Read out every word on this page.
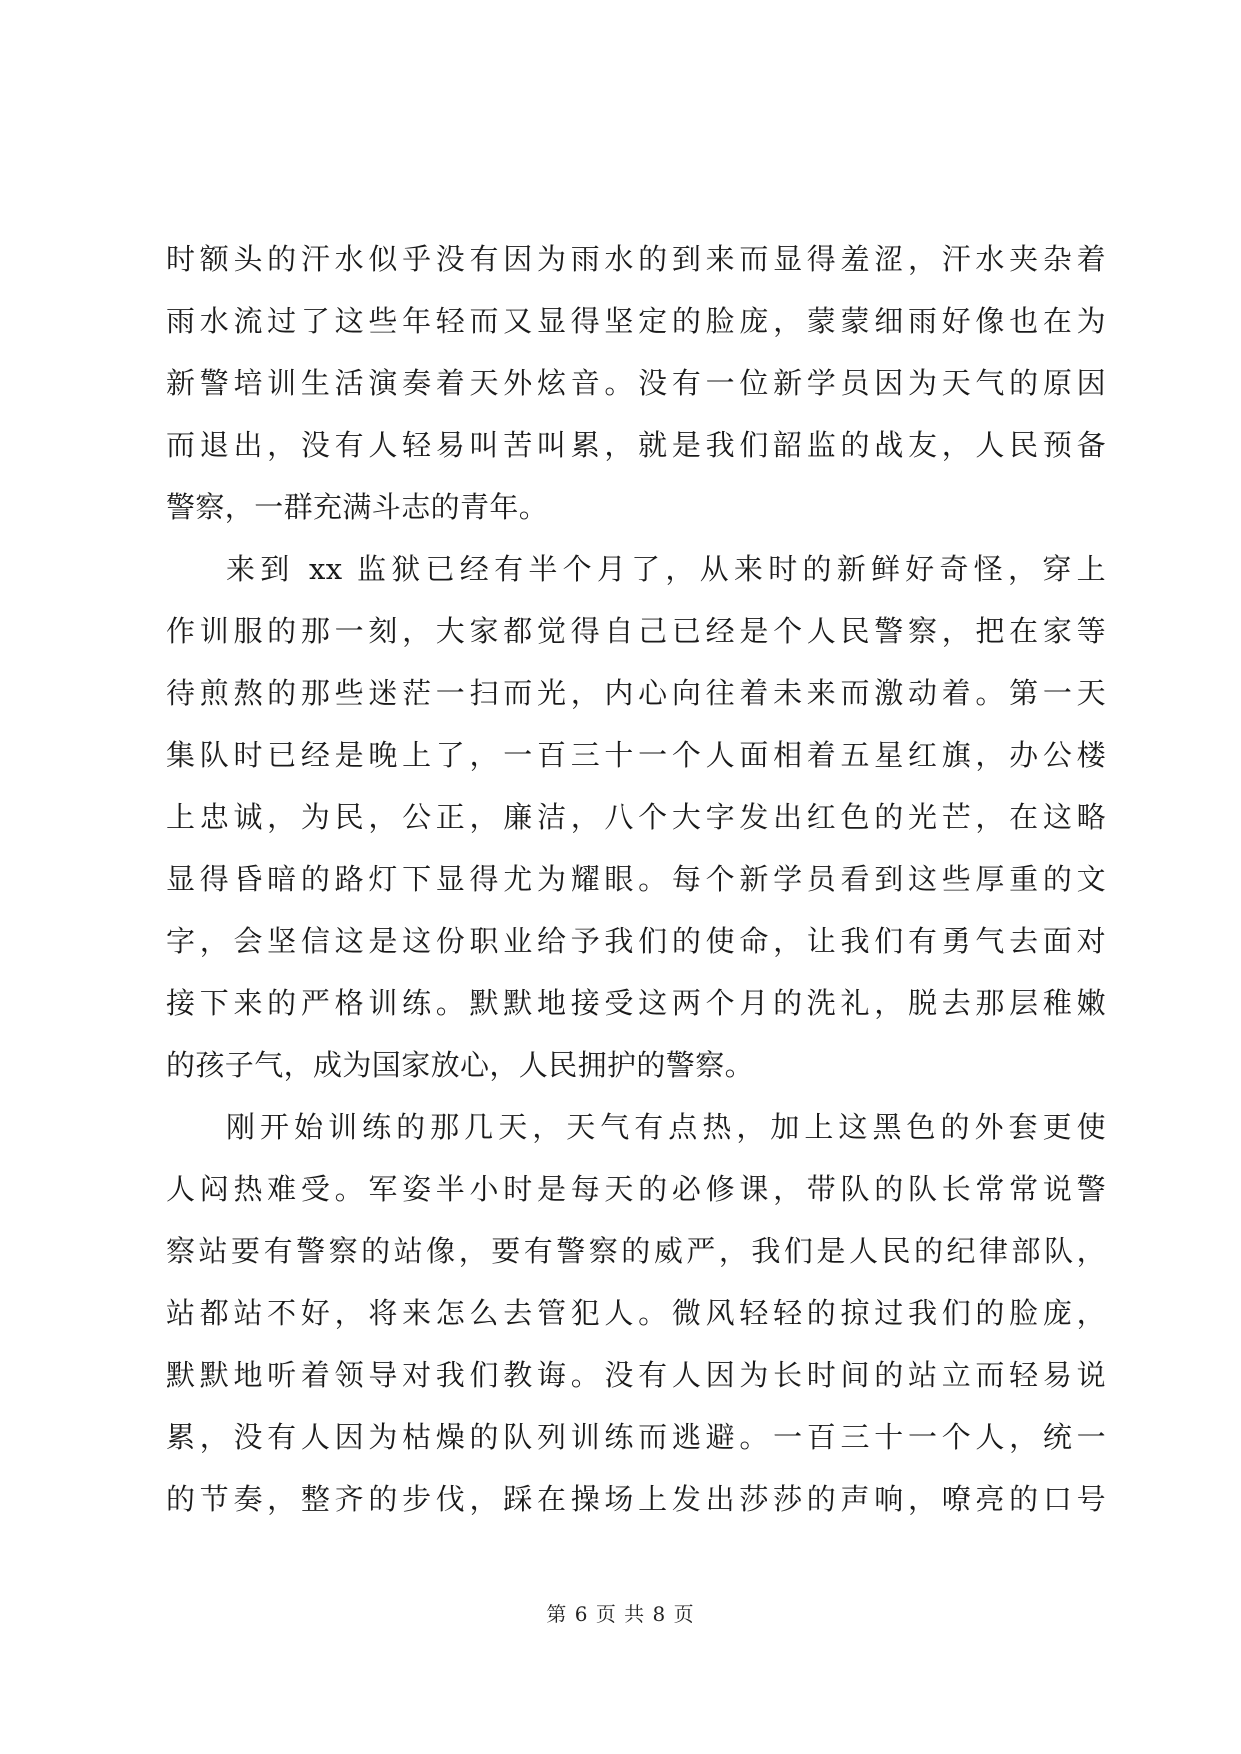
时额头的汗水似乎没有因为雨水的到来而显得羞涩，汗水夹杂着
雨水流过了这些年轻而又显得坚定的脸庞，蒙蒙细雨好像也在为
新警培训生活演奏着天外炫音。没有一位新学员因为天气的原因
而退出，没有人轻易叫苦叫累，就是我们韶监的战友，人民预备
警察，一群充满斗志的青年。
来到 xx 监狱已经有半个月了，从来时的新鲜好奇怪，穿上
作训服的那一刻，大家都觉得自己已经是个人民警察，把在家等
待煎熬的那些迷茫一扫而光，内心向往着未来而激动着。第一天
集队时已经是晚上了，一百三十一个人面相着五星红旗，办公楼
上忠诚，为民，公正，廉洁，八个大字发出红色的光芒，在这略
显得昏暗的路灯下显得尤为耀眼。每个新学员看到这些厚重的文
字，会坚信这是这份职业给予我们的使命，让我们有勇气去面对
接下来的严格训练。默默地接受这两个月的洗礼，脱去那层稚嫩
的孩子气，成为国家放心，人民拥护的警察。
刚开始训练的那几天，天气有点热，加上这黑色的外套更使
人闷热难受。军姿半小时是每天的必修课，带队的队长常常说警
察站要有警察的站像，要有警察的威严，我们是人民的纪律部队，
站都站不好，将来怎么去管犯人。微风轻轻的掠过我们的脸庞，
默默地听着领导对我们教诲。没有人因为长时间的站立而轻易说
累，没有人因为枯燥的队列训练而逃避。一百三十一个人，统一
的节奏，整齐的步伐，踩在操场上发出莎莎的声响，嘹亮的口号
第 6 页 共 8 页
